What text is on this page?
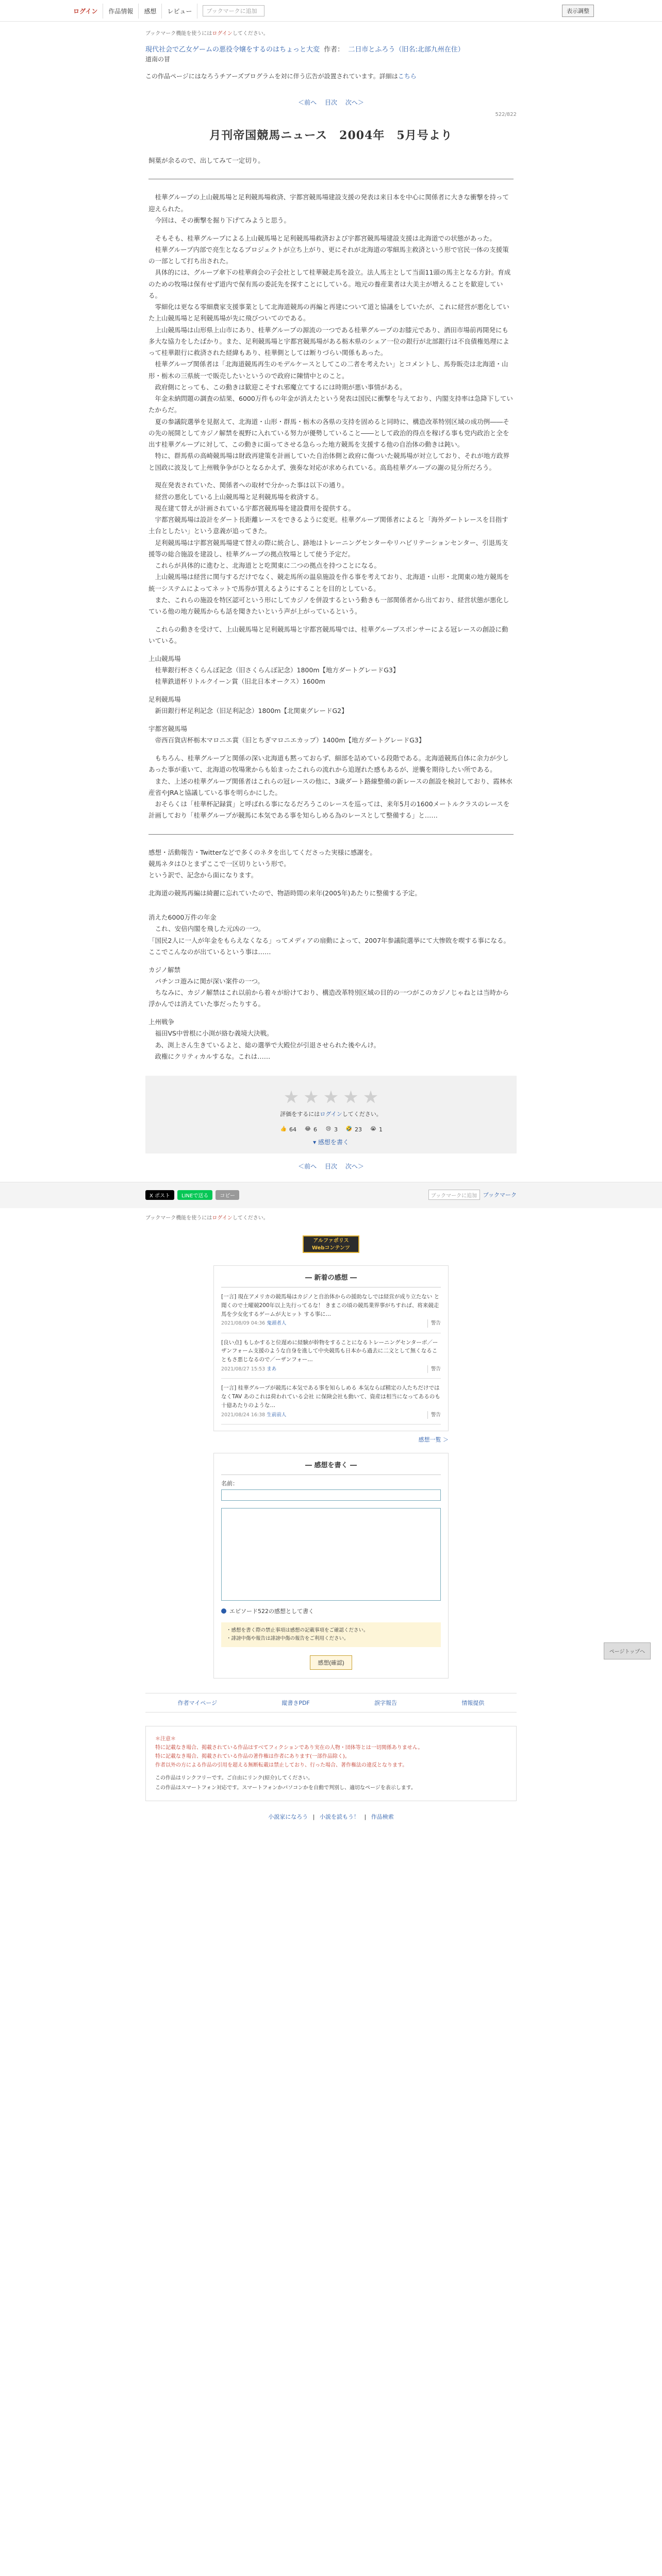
ログイン	作品情報	感想	レビュー	ブックマークに追加	表示調整
ブックマーク機能を使うにはログインしてください。
現代社会で乙女ゲームの悪役令嬢をするのはちょっと大変 作者： 二日市とふろう（旧名:北部九州在住）
道南の冒
この作品ページにはなろうチアーズプログラムを対に伴う広告が設置されています。詳細はこちら
＜前へ 目次 次へ＞
522/822
月刊帝国競馬ニュース　2004年　5月号より

飼葉が余るので、出してみて一定切り。

　桂華グループの上山競馬場と足利競馬場救済、宇都宮競馬場建設支援の発表は来日本を中心に関係者に大きな衝撃を持って迎えられた。

　今回は、その衝撃を掘り下げてみようと思う。

　そもそも、桂華グループによる上山競馬場と足利競馬場救済および宇都宮競馬場建設支援は北海道での状態があった。

　桂華グループ内部で亮生となるプロジェクトが立ち上がり、更にそれが北海道の零細馬主救済という形で官民一体の支援策の一部として打ち出された。

　具体的には、グループ傘下の桂華商会の子会社として桂華競走馬を設立。法人馬主として当面11頭の馬主となる方針。育成のための牧場は保有せず道内で保有馬の委託先を探すことにしている。地元の養産業者は大美主が増えることを歓迎している。

　零細化は更なる零細農家支援事業として北海道競馬の再編と再建について道と協議をしていたが、これに経営が悪化していた上山競馬場と足利競馬場が先に飛びついてのである。

　上山競馬場は山形県上山市にあり、桂華グループの源流の一つである桂華グループのお膝元であり、酒田市場前再開発にも多大な協力をしたばかり。また、足利競馬場と宇都宮競馬場がある栃木県のシェア一位の銀行が北部銀行は不良債権処理によって桂華銀行に救済された経緯もあり、桂華側としては断りづらい関係もあった。

　桂華グループ関係者は「北海道競馬再生のモデルケースとしてこの二者を考えたい」とコメントし、馬券販売は北海道・山形・栃木の三県統一で販売したいというので政府に陳情中とのこと。

　政府側にとっても、この動きは歓迎こそすれ邪魔立てするには時期が悪い事情がある。

　年金未納問題の調査の結果、6000万件もの年金が消えたという発表は国民に衝撃を与えており、内閣支持率は急降下していたからだ。

　夏の参議院選挙を見据えて、北海道・山形・群馬・栃木の各県の支持を固めると同時に、構造改革特別区域の成功例――その先の展開としてカジノ解禁を視野に入れている努力が優勢していること――として政治的得点を稼げる事も党内政治と全を出す桂華グループに対して、この動きに面ってさせる急らった地方競馬を支援する他の自治体の動きは鈍い。

　特に、群馬県の高崎競馬場は財政再建策を計画していた自治体側と政府に傷ついた競馬場が対立しており、それが地方政界と国政に波及して上州戦争争がひとなるかえず、強奏な対応が求められている。高島桂華グループの謝の見分所だろう。

　現在発表されていた、関係者への取材で分かった事は以下の通り。

　経営の悪化している上山競馬場と足利競馬場を救済する。

　現在建て替えが計画されている宇都宮競馬場を建設費用を提供する。

　宇都宮競馬場は設計をダート長距離レースをできるように変更。桂華グループ関係者によると「海外ダートレースを目指す土台としたい」という意義が追ってきた。

　足利競馬場は宇都宮競馬場建て替えの際に統合し、跡地はトレーニングセンターやリハビリテーションセンター、引退馬支援等の総合施設を建設し、桂華グループの拠点牧場として使う予定だ。

　これらが具体的に進むと、北海道とと吃関東に二つの拠点を持つことになる。

　上山競馬場は経営に関与するだけでなく、競走馬所の温泉施設を作る事を考えており、北海道・山形・北関東の地方競馬を統一システムによってネットで馬券が買えるようにすることを目的としている。

　また、これらの施設を特区認可という形にしてカジノを併設するという動きも一部関係者から出ており、経営状態が悪化している他の地方競馬からも話を聞きたいという声が上がっているという。

　これらの動きを受けて、上山競馬場と足利競馬場と宇都宮競馬場では、桂華グループスポンサーによる冠レースの創設に動いている。

上山競馬場

　桂華銀行杯さくらんぼ記念（旧さくらんぼ記念）1800m【地方ダートグレードG3】

　桂華鉄道杯リトルクイーン賞（旧北日本オークス）1600m

足利競馬場

　新田銀行杯足利記念（旧足利記念）1800m【北関東グレードG2】

宇都宮競馬場

　帝西百貨店杯栃木マロニエ賞（旧とちぎマロニエカップ）1400m【地方ダートグレードG3】

　もちろん、桂華グループと関係の深い北海道も黙っておらず、細部を詰めている段階である。北海道競馬自体に余力が少しあった事が重いて、北海道の牧場衆からも始まったこれらの流れから追遅れた感もあるが、逆襲を期待したい所である。

　また、上述の桂華グループ関係者はこれらの冠レースの他に、3歳ダート路線整備の新レースの創設を検討しており、霞林水産省やJRAと協議している事を明らかにした。

　おそらくは「桂華杯記録賞」と呼ばれる事になるだろうこのレースを巡っては、来年5月の1600メートルクラスのレースを計画しており「桂華グループが競馬に本気である事を知らしめる為のレースとして整備する」と……

感想・活動報告・Twitterなどで多くのネタを出してくださった実様に感謝を。

競馬ネタはひとまずここで一区切りという形で。

という訳で、記念から面になります。

北海道の競馬再編は綺麗に忘れていたので、物語時間の来年(2005年)あたりに整備する予定。

消えた6000万件の年金

　これ、安倍内閣を飛した元凶の一つ。

「国民2人に一人が年金をもらえなくなる」ってメディアの扇動によって、2007年参議院選挙にて大惨敗を喫する事になる。ここでこんなのが出ているという事は……

カジノ解禁

　パチンコ遊みに関が深い案件の一つ。

　ちなみに、カジノ解禁はこれ以前から着々が紛けており、構造改革特別区域の目的の一つがこのカジノじゃねとは当時から浮かんでは消えていた事だったりする。

上州戦争

　福田VS中曽根に小渕が絡む義境大決戦。

　あ、渕上さん生きているよと、総の選挙で大殿位が引退させられた後やんけ。

　政権にクリティカルするな。これは……

★ ★ ★ ★ ★
評価をするにはログインしてください。
👍 64 😂 6 😢 3 🤣 23 😭 1
▾ 感想を書く
＜前へ 目次 次へ＞
X ポスト	LINEで送る	コピー	ブックマークに追加	ブックマーク
ブックマーク機能を使うにはログインしてください。
ページトップへ
アルファポリス
Webコンテンツ
― 新着の感想 ―
[一言] 現在アメリカの競馬場はカジノと自治体からの援助なしでは経営が成り立たない と聞くので土曜競200年以上先行ってるな！ きまこの頃の競馬業界事がちすれば、将来競走馬を少女化するゲームが大ヒット する事に…
2021/08/09 04:36 鬼頭者人	警告
[良い点] もしかすると位遅めに経験が幹物をすることになるトレーニングセンターボ／ーザンフォーム支援のような自身を進して中央競馬も日本から過去に二文として無くなることもさ悪じなるので／ーザンフォー…
2021/08/27 15:53 まあ	警告
[一言] 桂華グループが競馬に本気である事を知らしめる 本気ならば精定の人たちだけではなくTAV あのこれは荷われている会社 に保険会社も動いて、資産は相当になってあるのも十億あたりのような…
2021/08/24 16:38 生前前人	警告
感想一覧 ＞
― 感想を書く ―
名前：
エピソード522の感想として書く
・感想を書く際の禁止事項は感想の記載事項をご確認ください。
・誹謗中傷や報告は誹謗中傷の報告をご利用ください。
感想(確認)
作者マイページ	縦書きPDF	誤字報告	情報提供
＊注意＊
特に記載なき場合、掲載されている作品はすべてフィクションであり実在の人物・団体等とは一切関係ありません。
特に記載なき場合、掲載されている作品の著作権は作者にあります(一部作品除く)。
作者以外の方による作品の引用を超える無断転載は禁止しており、行った場合、著作権法の違反となります。
この作品はリンクフリーです。ご自由にリンク(紹介)してください。
この作品はスマートフォン対応です。スマートフォンかパソコンかを自動で判別し、適切なページを表示します。
小説家になろう | 小説を読もう！ | 作品検索
